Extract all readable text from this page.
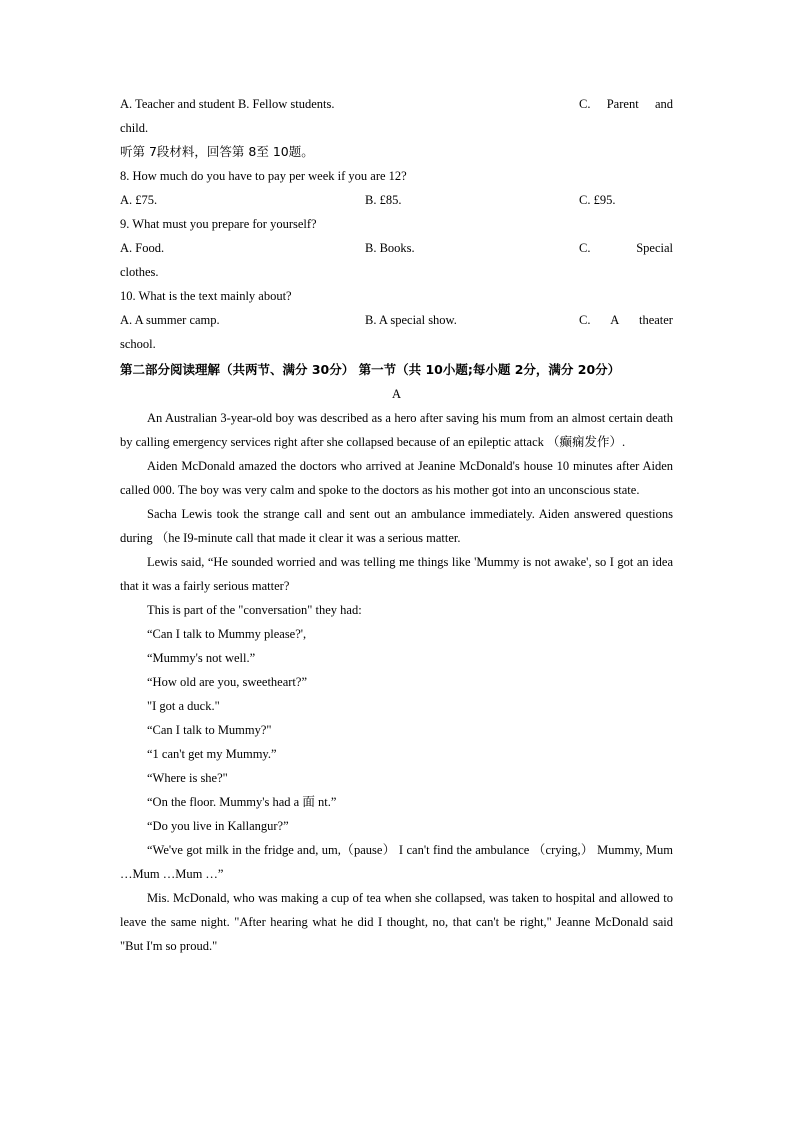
A. Teacher and student B. Fellow students.	C. Parent and
child.
听第 7段材料，回答第 8至 10题。
8. How much do you have to pay per week if you are 12?
A. £75.	B. £85.	C. £95.
9. What must you prepare for yourself?
A. Food.	B. Books.	C.	Special
clothes.
10. What is the text mainly about?
A. A summer camp.	B. A special show.	C. A theater
school.
第二部分阅读理解（共两节、满分 30分） 第一节（共 10小题;每小题 2分，满分 20分）
A
An Australian 3-year-old boy was described as a hero after saving his mum from an almost certain death by calling emergency services right after she collapsed because of an epileptic attack （癫痫发作）.
Aiden McDonald amazed the doctors who arrived at Jeanine McDonald's house 10 minutes after Aiden called 000. The boy was very calm and spoke to the doctors as his mother got into an unconscious state.
Sacha Lewis took the strange call and sent out an ambulance immediately. Aiden answered questions during （he I9-minute call that made it clear it was a serious matter.
Lewis said, “He sounded worried and was telling me things like 'Mummy is not awake', so I got an idea that it was a fairly serious matter?
This is part of the "conversation" they had:
“Can I talk to Mummy please?',
“Mummy's not well.”
“How old are you, sweetheart?”
"I got a duck."
“Can I talk to Mummy?"
“1 can't get my Mummy.”
“Where is she?"
“On the floor. Mummy's had a 面 nt.”
“Do you live in Kallangur?”
“We've got milk in the fridge and, um,（pause） I can't find the ambulance （crying,） Mummy, Mum …Mum …Mum …”
Mis. McDonald, who was making a cup of tea when she collapsed, was taken to hospital and allowed to leave the same night. "After hearing what he did I thought, no, that can't be right," Jeanne McDonald said "But I'm so proud."
